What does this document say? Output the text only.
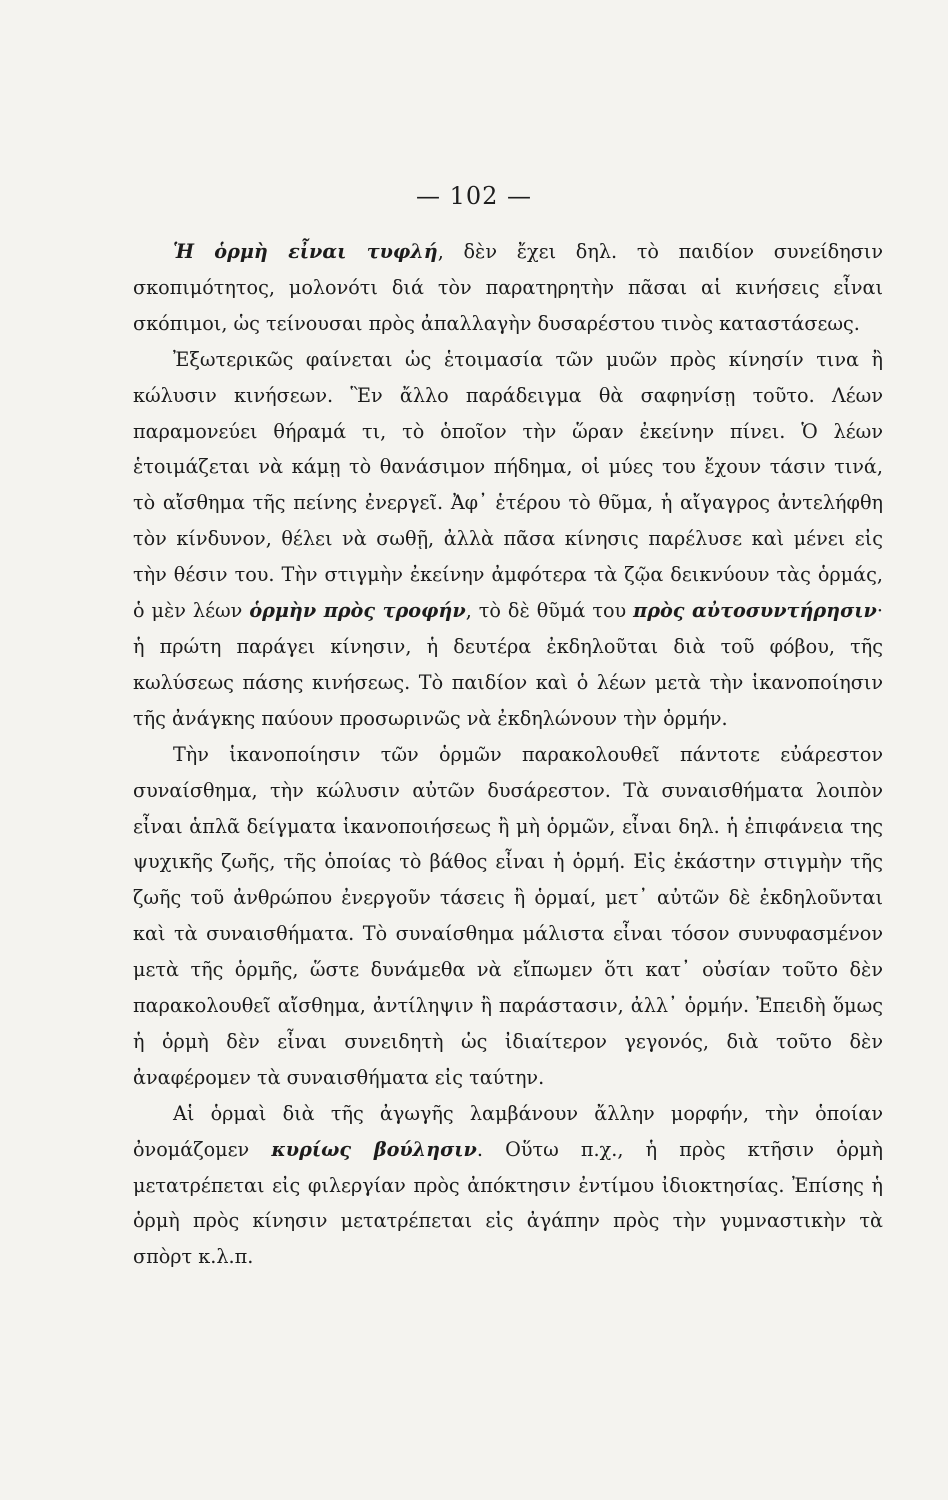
— 102 —

Ἡ ὁρμὴ εἶναι τυφλή, δὲν ἔχει δηλ. τὸ παιδίον συνείδησιν σκοπιμότητος, μολονότι διά τὸν παρατηρητὴν πᾶσαι αἱ κινήσεις εἶναι σκόπιμοι, ὡς τείνουσαι πρὸς ἀπαλλαγὴν δυσαρέστου τινὸς καταστάσεως.

Ἐξωτερικῶς φαίνεται ὡς ἑτοιμασία τῶν μυῶν πρὸς κίνησίν τινα ἢ κώλυσιν κινήσεων. Ἓν ἄλλο παράδειγμα θὰ σαφηνίσῃ τοῦτο. Λέων παραμονεύει θήραμά τι, τὸ ὁποῖον τὴν ὥραν ἐκείνην πίνει. Ὁ λέων ἑτοιμάζεται νὰ κάμῃ τὸ θανάσιμον πήδημα, οἱ μύες του ἔχουν τάσιν τινά, τὸ αἴσθημα τῆς πείνης ἐνεργεῖ. Ἀφ᾽ ἑτέρου τὸ θῦμα, ἡ αἴγαγρος ἀντελήφθη τὸν κίνδυνον, θέλει νὰ σωθῇ, ἀλλὰ πᾶσα κίνησις παρέλυσε καὶ μένει εἰς τὴν θέσιν του. Τὴν στιγμὴν ἐκείνην ἀμφότερα τὰ ζῷα δεικνύουν τὰς ὁρμάς, ὁ μὲν λέων ὁρμὴν πρὸς τροφήν, τὸ δὲ θῦμά του πρὸς αὐτοσυντήρησιν· ἡ πρώτη παράγει κίνησιν, ἡ δευτέρα ἐκδηλοῦται διὰ τοῦ φόβου, τῆς κωλύσεως πάσης κινήσεως. Τὸ παιδίον καὶ ὁ λέων μετὰ τὴν ἱκανοποίησιν τῆς ἀνάγκης παύουν προσωρινῶς νὰ ἐκδηλώνουν τὴν ὁρμήν.

Τὴν ἱκανοποίησιν τῶν ὁρμῶν παρακολουθεῖ πάντοτε εὐάρεστον συναίσθημα, τὴν κώλυσιν αὐτῶν δυσάρεστον. Τὰ συναισθήματα λοιπὸν εἶναι ἁπλᾶ δείγματα ἱκανοποιήσεως ἢ μὴ ὁρμῶν, εἶναι δηλ. ἡ ἐπιφάνεια της ψυχικῆς ζωῆς, τῆς ὁποίας τὸ βάθος εἶναι ἡ ὁρμή. Εἰς ἑκάστην στιγμὴν τῆς ζωῆς τοῦ ἀνθρώπου ἐνεργοῦν τάσεις ἢ ὁρμαί, μετ᾽ αὐτῶν δὲ ἐκδηλοῦνται καὶ τὰ συναισθήματα. Τὸ συναίσθημα μάλιστα εἶναι τόσον συνυφασμένον μετὰ τῆς ὁρμῆς, ὥστε δυνάμεθα νὰ εἴπωμεν ὅτι κατ᾽ οὐσίαν τοῦτο δὲν παρακολουθεῖ αἴσθημα, ἀντίληψιν ἢ παράστασιν, ἀλλ᾽ ὁρμήν. Ἐπειδὴ ὅμως ἡ ὁρμὴ δὲν εἶναι συνειδητὴ ὡς ἰδιαίτερον γεγονός, διὰ τοῦτο δὲν ἀναφέρομεν τὰ συναισθήματα εἰς ταύτην.

Αἱ ὁρμαὶ διὰ τῆς ἀγωγῆς λαμβάνουν ἄλλην μορφήν, τὴν ὁποίαν ὀνομάζομεν κυρίως βούλησιν. Οὕτω π.χ., ἡ πρὸς κτῆσιν ὁρμὴ μετατρέπεται εἰς φιλεργίαν πρὸς ἀπόκτησιν ἐντίμου ἰδιοκτησίας. Ἐπίσης ἡ ὁρμὴ πρὸς κίνησιν μετατρέπεται εἰς ἀγάπην πρὸς τὴν γυμναστικὴν τὰ σπὸρτ κ.λ.π.
